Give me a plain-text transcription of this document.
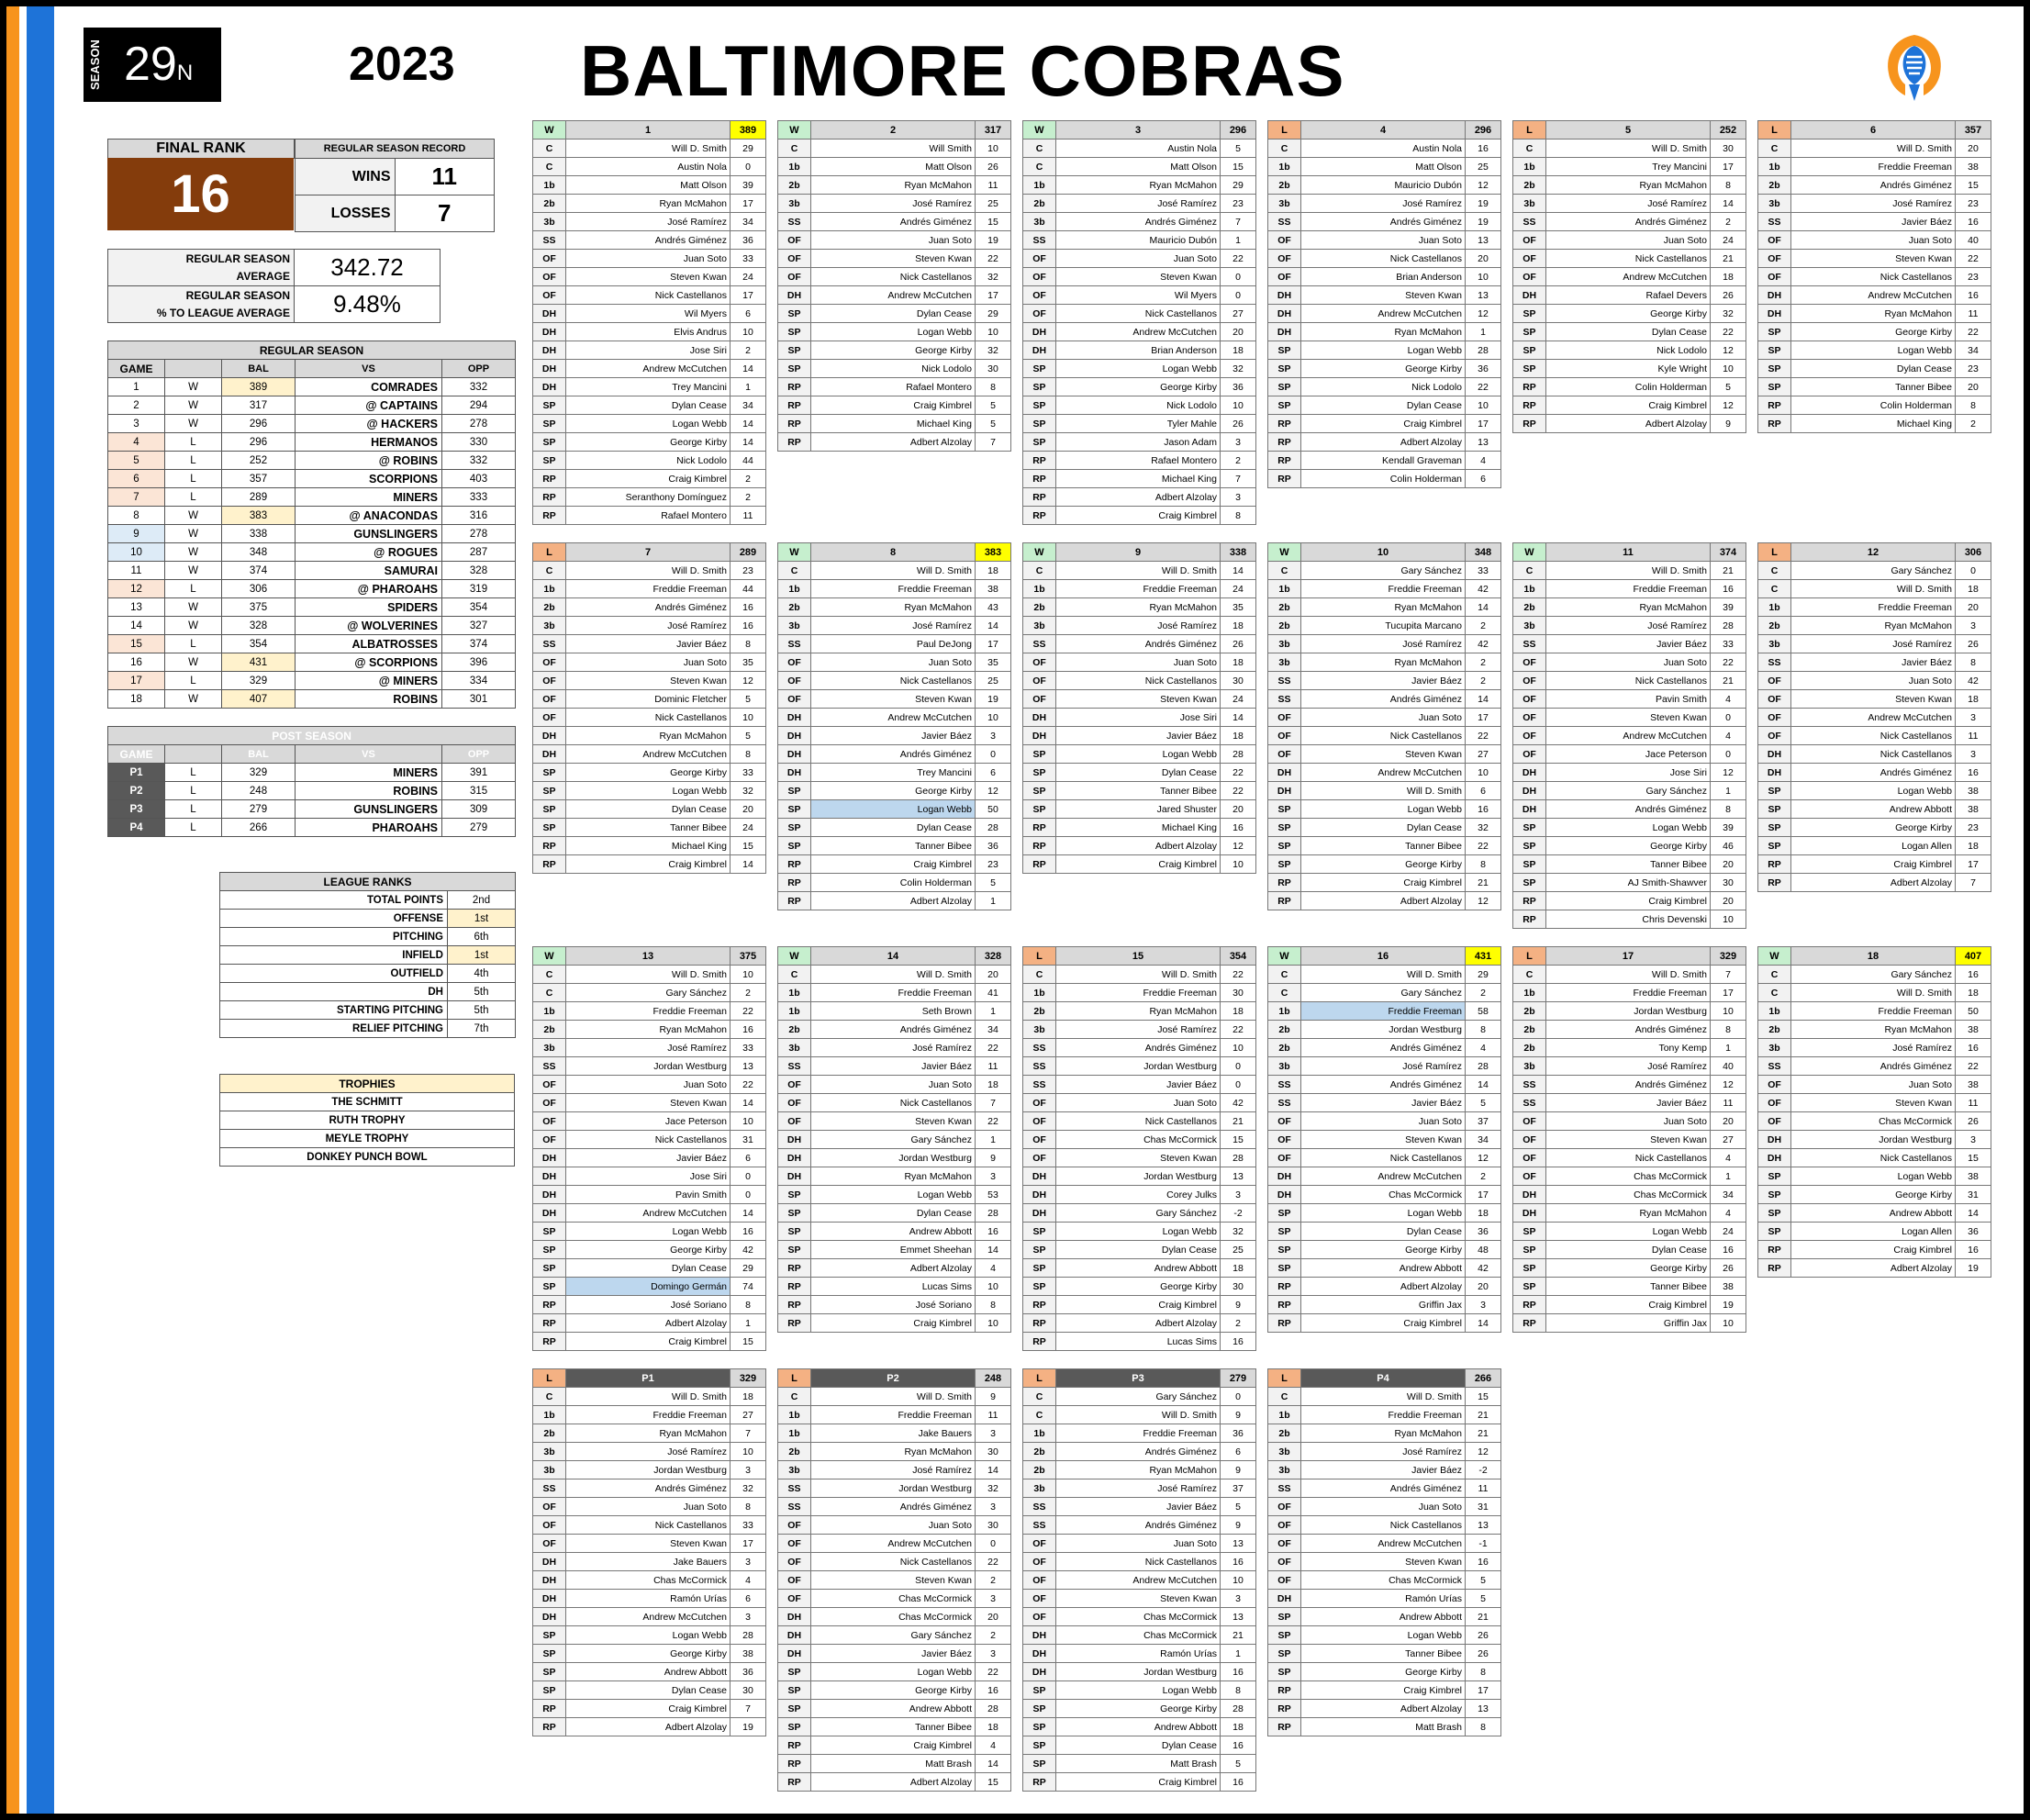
SEASON 29N	2023 BALTIMORE COBRAS
FINAL RANK
16
REGULAR SEASON RECORD	
WINS	11
LOSSES	7
REGULAR SEASON
AVERAGE	342.72
REGULAR SEASON
% TO LEAGUE AVERAGE	9.48%
REGULAR SEASON				
GAME		BAL	VS	OPP
1	W	389	COMRADES	332
2	W	317	@ CAPTAINS	294
3	W	296	@ HACKERS	278
4	L	296	HERMANOS	330
5	L	252	@ ROBINS	332
6	L	357	SCORPIONS	403
7	L	289	MINERS	333
8	W	383	@ ANACONDAS	316
9	W	338	GUNSLINGERS	278
10	W	348	@ ROGUES	287
11	W	374	SAMURAI	328
12	L	306	@ PHAROAHS	319
13	W	375	SPIDERS	354
14	W	328	@ WOLVERINES	327
15	L	354	ALBATROSSES	374
16	W	431	@ SCORPIONS	396
17	L	329	@ MINERS	334
18	W	407	ROBINS	301
POST SEASON				
GAME		BAL	VS	OPP
P1	L	329	MINERS	391
P2	L	248	ROBINS	315
P3	L	279	GUNSLINGERS	309
P4	L	266	PHAROAHS	279
LEAGUE RANKS	
TOTAL POINTS	2nd
OFFENSE	1st
PITCHING	6th
INFIELD	1st
OUTFIELD	4th
DH	5th
STARTING PITCHING	5th
RELIEF PITCHING	7th
TROPHIES
THE SCHMITT
RUTH TROPHY
MEYLE TROPHY
DONKEY PUNCH BOWL
W	1	389
C	Will D. Smith	29
C	Austin Nola	0
1b	Matt Olson	39
2b	Ryan McMahon	17
3b	José Ramírez	34
SS	Andrés Giménez	36
OF	Juan Soto	33
OF	Steven Kwan	24
OF	Nick Castellanos	17
DH	Wil Myers	6
DH	Elvis Andrus	10
DH	Jose Siri	2
DH	Andrew McCutchen	14
DH	Trey Mancini	1
SP	Dylan Cease	34
SP	Logan Webb	14
SP	George Kirby	14
SP	Nick Lodolo	44
RP	Craig Kimbrel	2
RP	Seranthony Domínguez	2
RP	Rafael Montero	11
W	2	317
C	Will Smith	10
1b	Matt Olson	26
2b	Ryan McMahon	11
3b	José Ramírez	25
SS	Andrés Giménez	15
OF	Juan Soto	19
OF	Steven Kwan	22
OF	Nick Castellanos	32
DH	Andrew McCutchen	17
SP	Dylan Cease	29
SP	Logan Webb	10
SP	George Kirby	32
SP	Nick Lodolo	30
RP	Rafael Montero	8
RP	Craig Kimbrel	5
RP	Michael King	5
RP	Adbert Alzolay	7
W	3	296
C	Austin Nola	5
C	Matt Olson	15
1b	Ryan McMahon	29
2b	José Ramírez	23
3b	Andrés Giménez	7
SS	Mauricio Dubón	1
OF	Juan Soto	22
OF	Steven Kwan	0
OF	Wil Myers	0
OF	Nick Castellanos	27
DH	Andrew McCutchen	20
DH	Brian Anderson	18
SP	Logan Webb	32
SP	George Kirby	36
SP	Nick Lodolo	10
SP	Tyler Mahle	26
SP	Jason Adam	3
RP	Rafael Montero	2
RP	Michael King	7
RP	Adbert Alzolay	3
RP	Craig Kimbrel	8
L	4	296
C	Austin Nola	16
1b	Matt Olson	25
2b	Mauricio Dubón	12
3b	José Ramírez	19
SS	Andrés Giménez	19
OF	Juan Soto	13
OF	Nick Castellanos	20
OF	Brian Anderson	10
DH	Steven Kwan	13
DH	Andrew McCutchen	12
DH	Ryan McMahon	1
SP	Logan Webb	28
SP	George Kirby	36
SP	Nick Lodolo	22
SP	Dylan Cease	10
RP	Craig Kimbrel	17
RP	Adbert Alzolay	13
RP	Kendall Graveman	4
RP	Colin Holderman	6
L	5	252
C	Will D. Smith	30
1b	Trey Mancini	17
2b	Ryan McMahon	8
3b	José Ramírez	14
SS	Andrés Giménez	2
OF	Juan Soto	24
OF	Nick Castellanos	21
OF	Andrew McCutchen	18
DH	Rafael Devers	26
SP	George Kirby	32
SP	Dylan Cease	22
SP	Nick Lodolo	12
SP	Kyle Wright	10
RP	Colin Holderman	5
RP	Craig Kimbrel	12
RP	Adbert Alzolay	9
L	6	357
C	Will D. Smith	20
1b	Freddie Freeman	38
2b	Andrés Giménez	15
3b	José Ramírez	23
SS	Javier Báez	16
OF	Juan Soto	40
OF	Steven Kwan	22
OF	Nick Castellanos	23
DH	Andrew McCutchen	16
DH	Ryan McMahon	11
SP	George Kirby	22
SP	Logan Webb	34
SP	Dylan Cease	23
SP	Tanner Bibee	20
RP	Colin Holderman	8
RP	Michael King	2
L	7	289
C	Will D. Smith	23
1b	Freddie Freeman	44
2b	Andrés Giménez	16
3b	José Ramírez	16
SS	Javier Báez	8
OF	Juan Soto	35
OF	Steven Kwan	12
OF	Dominic Fletcher	5
OF	Nick Castellanos	10
DH	Ryan McMahon	5
DH	Andrew McCutchen	8
SP	George Kirby	33
SP	Logan Webb	32
SP	Dylan Cease	20
SP	Tanner Bibee	24
RP	Michael King	15
RP	Craig Kimbrel	14
W	8	383
C	Will D. Smith	18
1b	Freddie Freeman	38
2b	Ryan McMahon	43
3b	José Ramírez	14
SS	Paul DeJong	17
OF	Juan Soto	35
OF	Nick Castellanos	25
OF	Steven Kwan	19
DH	Andrew McCutchen	10
DH	Javier Báez	3
DH	Andrés Giménez	0
DH	Trey Mancini	6
SP	George Kirby	12
SP	Logan Webb	50
SP	Dylan Cease	28
SP	Tanner Bibee	36
RP	Craig Kimbrel	23
RP	Colin Holderman	5
RP	Adbert Alzolay	1
W	9	338
C	Will D. Smith	14
1b	Freddie Freeman	24
2b	Ryan McMahon	35
3b	José Ramírez	18
SS	Andrés Giménez	26
OF	Juan Soto	18
OF	Nick Castellanos	30
OF	Steven Kwan	24
DH	Jose Siri	14
DH	Javier Báez	18
SP	Logan Webb	28
SP	Dylan Cease	22
SP	Tanner Bibee	22
SP	Jared Shuster	20
RP	Michael King	16
RP	Adbert Alzolay	12
RP	Craig Kimbrel	10
W	10	348
C	Gary Sánchez	33
1b	Freddie Freeman	42
2b	Ryan McMahon	14
2b	Tucupita Marcano	2
3b	José Ramírez	42
3b	Ryan McMahon	2
SS	Javier Báez	2
SS	Andrés Giménez	14
OF	Juan Soto	17
OF	Nick Castellanos	22
OF	Steven Kwan	27
DH	Andrew McCutchen	10
DH	Will D. Smith	6
SP	Logan Webb	16
SP	Dylan Cease	32
SP	Tanner Bibee	22
SP	George Kirby	8
RP	Craig Kimbrel	21
RP	Adbert Alzolay	12
W	11	374
C	Will D. Smith	21
1b	Freddie Freeman	16
2b	Ryan McMahon	39
3b	José Ramírez	28
SS	Javier Báez	33
OF	Juan Soto	22
OF	Nick Castellanos	21
OF	Pavin Smith	4
OF	Steven Kwan	0
OF	Andrew McCutchen	4
OF	Jace Peterson	0
DH	Jose Siri	12
DH	Gary Sánchez	1
DH	Andrés Giménez	8
SP	Logan Webb	39
SP	George Kirby	46
SP	Tanner Bibee	20
SP	AJ Smith-Shawver	30
RP	Craig Kimbrel	20
RP	Chris Devenski	10
L	12	306
C	Gary Sánchez	0
C	Will D. Smith	18
1b	Freddie Freeman	20
2b	Ryan McMahon	3
3b	José Ramírez	26
SS	Javier Báez	8
OF	Juan Soto	42
OF	Steven Kwan	18
OF	Andrew McCutchen	3
OF	Nick Castellanos	11
DH	Nick Castellanos	3
DH	Andrés Giménez	16
SP	Logan Webb	38
SP	Andrew Abbott	38
SP	George Kirby	23
SP	Logan Allen	18
RP	Craig Kimbrel	17
RP	Adbert Alzolay	7
W	13	375
C	Will D. Smith	10
C	Gary Sánchez	2
1b	Freddie Freeman	22
2b	Ryan McMahon	16
3b	José Ramírez	33
SS	Jordan Westburg	13
OF	Juan Soto	22
OF	Steven Kwan	14
OF	Jace Peterson	10
OF	Nick Castellanos	31
DH	Javier Báez	6
DH	Jose Siri	0
DH	Pavin Smith	0
DH	Andrew McCutchen	14
SP	Logan Webb	16
SP	George Kirby	42
SP	Dylan Cease	29
SP	Domingo Germán	74
RP	José Soriano	8
RP	Adbert Alzolay	1
RP	Craig Kimbrel	15
W	14	328
C	Will D. Smith	20
1b	Freddie Freeman	41
1b	Seth Brown	1
2b	Andrés Giménez	34
3b	José Ramírez	22
SS	Javier Báez	11
OF	Juan Soto	18
OF	Nick Castellanos	7
OF	Steven Kwan	22
DH	Gary Sánchez	1
DH	Jordan Westburg	9
DH	Ryan McMahon	3
SP	Logan Webb	53
SP	Dylan Cease	28
SP	Andrew Abbott	16
SP	Emmet Sheehan	14
RP	Adbert Alzolay	4
RP	Lucas Sims	10
RP	José Soriano	8
RP	Craig Kimbrel	10
L	15	354
C	Will D. Smith	22
1b	Freddie Freeman	30
2b	Ryan McMahon	18
3b	José Ramírez	22
SS	Andrés Giménez	10
SS	Jordan Westburg	0
SS	Javier Báez	0
OF	Juan Soto	42
OF	Nick Castellanos	21
OF	Chas McCormick	15
OF	Steven Kwan	28
DH	Jordan Westburg	13
DH	Corey Julks	3
DH	Gary Sánchez	-2
SP	Logan Webb	32
SP	Dylan Cease	25
SP	Andrew Abbott	18
SP	George Kirby	30
RP	Craig Kimbrel	9
RP	Adbert Alzolay	2
RP	Lucas Sims	16
W	16	431
C	Will D. Smith	29
C	Gary Sánchez	2
1b	Freddie Freeman	58
2b	Jordan Westburg	8
2b	Andrés Giménez	4
3b	José Ramírez	28
SS	Andrés Giménez	14
SS	Javier Báez	5
OF	Juan Soto	37
OF	Steven Kwan	34
OF	Nick Castellanos	12
DH	Andrew McCutchen	2
DH	Chas McCormick	17
SP	Logan Webb	18
SP	Dylan Cease	36
SP	George Kirby	48
SP	Andrew Abbott	42
RP	Adbert Alzolay	20
RP	Griffin Jax	3
RP	Craig Kimbrel	14
L	17	329
C	Will D. Smith	7
1b	Freddie Freeman	17
2b	Jordan Westburg	10
2b	Andrés Giménez	8
2b	Tony Kemp	1
3b	José Ramírez	40
SS	Andrés Giménez	12
SS	Javier Báez	11
OF	Juan Soto	20
OF	Steven Kwan	27
OF	Nick Castellanos	4
OF	Chas McCormick	1
DH	Chas McCormick	34
DH	Ryan McMahon	4
SP	Logan Webb	24
SP	Dylan Cease	16
SP	George Kirby	26
SP	Tanner Bibee	38
RP	Craig Kimbrel	19
RP	Griffin Jax	10
W	18	407
C	Gary Sánchez	16
C	Will D. Smith	18
1b	Freddie Freeman	50
2b	Ryan McMahon	38
3b	José Ramírez	16
SS	Andrés Giménez	22
OF	Juan Soto	38
OF	Steven Kwan	11
OF	Chas McCormick	26
DH	Jordan Westburg	3
DH	Nick Castellanos	15
SP	Logan Webb	38
SP	George Kirby	31
SP	Andrew Abbott	14
SP	Logan Allen	36
RP	Craig Kimbrel	16
RP	Adbert Alzolay	19
L	P1	329
C	Will D. Smith	18
1b	Freddie Freeman	27
2b	Ryan McMahon	7
3b	José Ramírez	10
3b	Jordan Westburg	3
SS	Andrés Giménez	32
OF	Juan Soto	8
OF	Nick Castellanos	33
OF	Steven Kwan	17
DH	Jake Bauers	3
DH	Chas McCormick	4
DH	Ramón Urías	6
DH	Andrew McCutchen	3
SP	Logan Webb	28
SP	George Kirby	38
SP	Andrew Abbott	36
SP	Dylan Cease	30
RP	Craig Kimbrel	7
RP	Adbert Alzolay	19
L	P2	248
C	Will D. Smith	9
1b	Freddie Freeman	11
1b	Jake Bauers	3
2b	Ryan McMahon	30
3b	José Ramírez	14
SS	Jordan Westburg	32
SS	Andrés Giménez	3
OF	Juan Soto	30
OF	Andrew McCutchen	0
OF	Nick Castellanos	22
OF	Steven Kwan	2
OF	Chas McCormick	3
DH	Chas McCormick	20
DH	Gary Sánchez	2
DH	Javier Báez	3
SP	Logan Webb	22
SP	George Kirby	16
SP	Andrew Abbott	28
SP	Tanner Bibee	18
RP	Craig Kimbrel	4
RP	Matt Brash	14
RP	Adbert Alzolay	15
L	P3	279
C	Gary Sánchez	0
C	Will D. Smith	9
1b	Freddie Freeman	36
2b	Andrés Giménez	6
2b	Ryan McMahon	9
3b	José Ramírez	37
SS	Javier Báez	5
SS	Andrés Giménez	9
OF	Juan Soto	13
OF	Nick Castellanos	16
OF	Andrew McCutchen	10
OF	Steven Kwan	3
OF	Chas McCormick	13
DH	Chas McCormick	21
DH	Ramón Urías	1
DH	Jordan Westburg	16
SP	Logan Webb	8
SP	George Kirby	28
SP	Andrew Abbott	18
SP	Dylan Cease	16
SP	Matt Brash	5
RP	Craig Kimbrel	16
L	P4	266
C	Will D. Smith	15
1b	Freddie Freeman	21
2b	Ryan McMahon	21
3b	José Ramírez	12
3b	Javier Báez	-2
SS	Andrés Giménez	11
OF	Juan Soto	31
OF	Nick Castellanos	13
OF	Andrew McCutchen	-1
OF	Steven Kwan	16
OF	Chas McCormick	5
DH	Ramón Urías	5
SP	Andrew Abbott	21
SP	Logan Webb	26
SP	Tanner Bibee	26
SP	George Kirby	8
RP	Craig Kimbrel	17
RP	Adbert Alzolay	13
RP	Matt Brash	8
